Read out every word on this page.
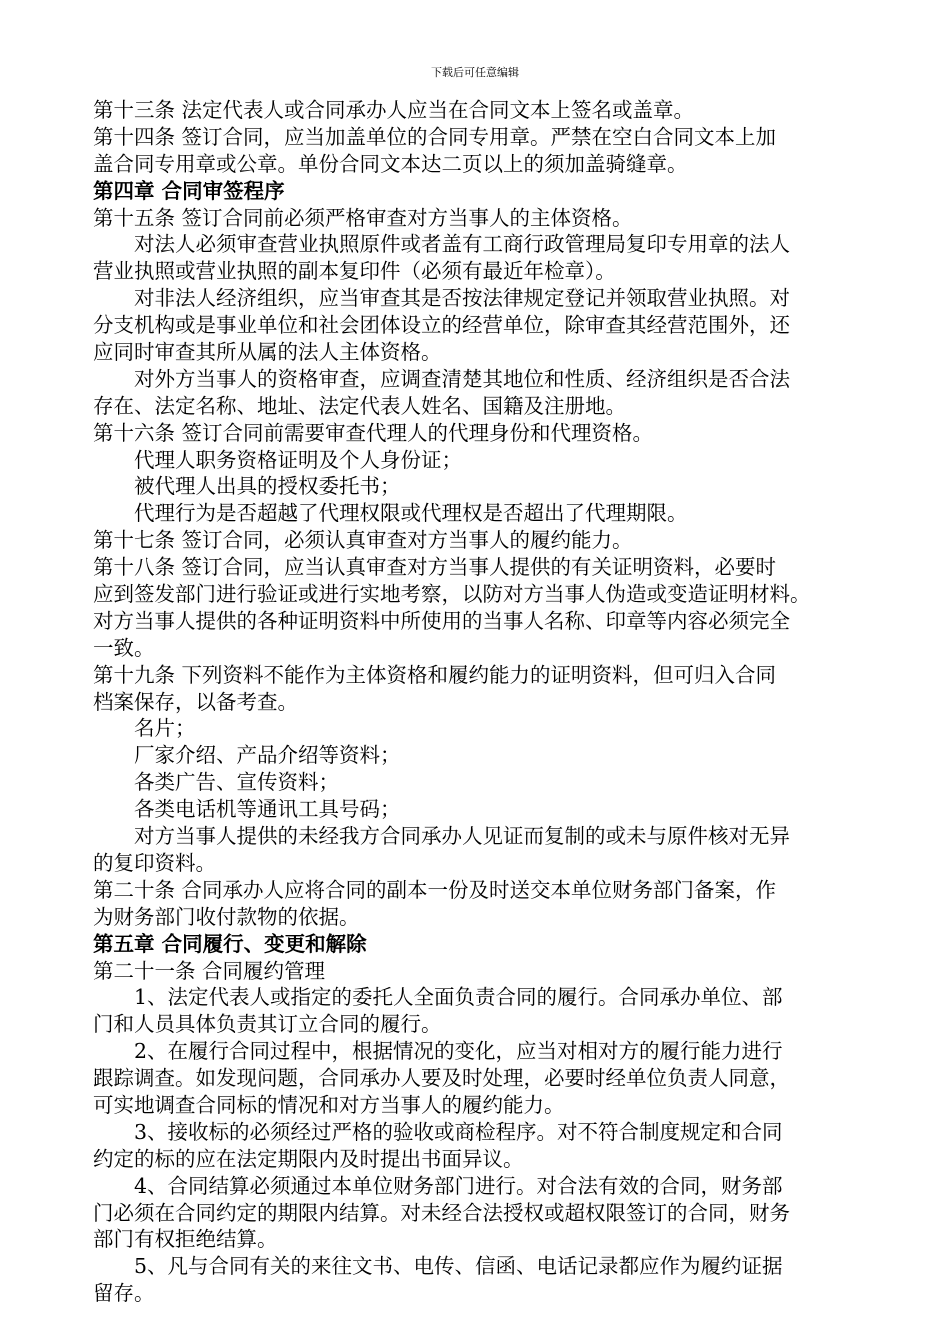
下载后可任意编辑
第十三条 法定代表人或合同承办人应当在合同文本上签名或盖章。
第十四条 签订合同，应当加盖单位的合同专用章。严禁在空白合同文本上加
盖合同专用章或公章。单份合同文本达二页以上的须加盖骑缝章。
第四章 合同审签程序
第十五条 签订合同前必须严格审查对方当事人的主体资格。
对法人必须审查营业执照原件或者盖有工商行政管理局复印专用章的法人
营业执照或营业执照的副本复印件（必须有最近年检章）。
对非法人经济组织，应当审查其是否按法律规定登记并领取营业执照。对
分支机构或是事业单位和社会团体设立的经营单位，除审查其经营范围外，还
应同时审查其所从属的法人主体资格。
对外方当事人的资格审查，应调查清楚其地位和性质、经济组织是否合法
存在、法定名称、地址、法定代表人姓名、国籍及注册地。
第十六条 签订合同前需要审查代理人的代理身份和代理资格。
代理人职务资格证明及个人身份证；
被代理人出具的授权委托书；
代理行为是否超越了代理权限或代理权是否超出了代理期限。
第十七条 签订合同，必须认真审查对方当事人的履约能力。
第十八条 签订合同，应当认真审查对方当事人提供的有关证明资料，必要时
应到签发部门进行验证或进行实地考察，以防对方当事人伪造或变造证明材料。
对方当事人提供的各种证明资料中所使用的当事人名称、印章等内容必须完全
一致。
第十九条 下列资料不能作为主体资格和履约能力的证明资料，但可归入合同
档案保存，以备考查。
名片；
厂家介绍、产品介绍等资料；
各类广告、宣传资料；
各类电话机等通讯工具号码；
对方当事人提供的未经我方合同承办人见证而复制的或未与原件核对无异
的复印资料。
第二十条 合同承办人应将合同的副本一份及时送交本单位财务部门备案，作
为财务部门收付款物的依据。
第五章 合同履行、变更和解除
第二十一条 合同履约管理
1、法定代表人或指定的委托人全面负责合同的履行。合同承办单位、部
门和人员具体负责其订立合同的履行。
2、在履行合同过程中，根据情况的变化，应当对相对方的履行能力进行
跟踪调查。如发现问题，合同承办人要及时处理，必要时经单位负责人同意，
可实地调查合同标的情况和对方当事人的履约能力。
3、接收标的必须经过严格的验收或商检程序。对不符合制度规定和合同
约定的标的应在法定期限内及时提出书面异议。
4、合同结算必须通过本单位财务部门进行。对合法有效的合同，财务部
门必须在合同约定的期限内结算。对未经合法授权或超权限签订的合同，财务
部门有权拒绝结算。
5、凡与合同有关的来往文书、电传、信函、电话记录都应作为履约证据
留存。
